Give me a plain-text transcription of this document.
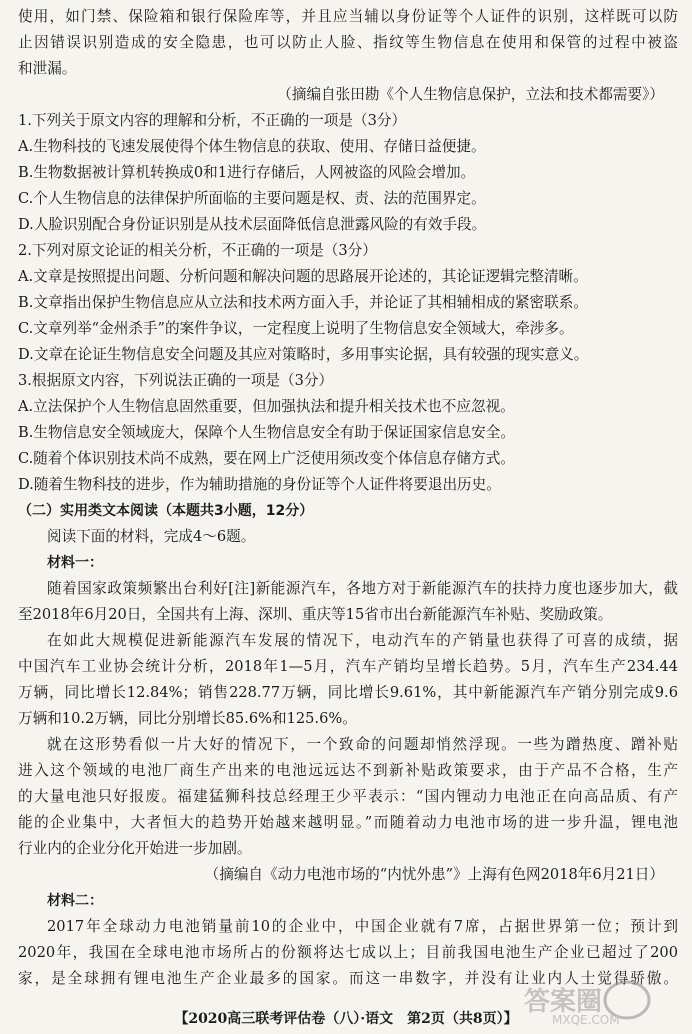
使用，如门禁、保险箱和银行保险库等，并且应当辅以身份证等个人证件的识别，这样既可以防
止因错误识别造成的安全隐患，也可以防止人脸、指纹等生物信息在使用和保管的过程中被盗
和泄漏。
（摘编自张田勘《个人生物信息保护，立法和技术都需要》）
1.下列关于原文内容的理解和分析，不正确的一项是（3分）
A.生物科技的飞速发展使得个体生物信息的获取、使用、存储日益便捷。
B.生物数据被计算机转换成0和1进行存储后，人网被盗的风险会增加。
C.个人生物信息的法律保护所面临的主要问题是权、责、法的范围界定。
D.人脸识别配合身份证识别是从技术层面降低信息泄露风险的有效手段。
2.下列对原文论证的相关分析，不正确的一项是（3分）
A.文章是按照提出问题、分析问题和解决问题的思路展开论述的，其论证逻辑完整清晰。
B.文章指出保护生物信息应从立法和技术两方面入手，并论证了其相辅相成的紧密联系。
C.文章列举“金州杀手”的案件争议，一定程度上说明了生物信息安全领域大，牵涉多。
D.文章在论证生物信息安全问题及其应对策略时，多用事实论据，具有较强的现实意义。
3.根据原文内容，下列说法正确的一项是（3分）
A.立法保护个人生物信息固然重要，但加强执法和提升相关技术也不应忽视。
B.生物信息安全领域庞大，保障个人生物信息安全有助于保证国家信息安全。
C.随着个体识别技术尚不成熟，要在网上广泛使用须改变个体信息存储方式。
D.随着生物科技的进步，作为辅助措施的身份证等个人证件将要退出历史。
（二）实用类文本阅读（本题共3小题，12分）
阅读下面的材料，完成4～6题。
材料一：
随着国家政策频繁出台利好[注]新能源汽车，各地方对于新能源汽车的扶持力度也逐步加大，截
至2018年6月20日，全国共有上海、深圳、重庆等15省市出台新能源汽车补贴、奖励政策。
在如此大规模促进新能源汽车发展的情况下，电动汽车的产销量也获得了可喜的成绩，据
中国汽车工业协会统计分析，2018年1—5月，汽车产销均呈增长趋势。5月，汽车生产234.44
万辆，同比增长12.84%；销售228.77万辆，同比增长9.61%，其中新能源汽车产销分别完成9.6
万辆和10.2万辆，同比分别增长85.6%和125.6%。
就在这形势看似一片大好的情况下，一个致命的问题却悄然浮现。一些为蹭热度、蹭补贴
进入这个领域的电池厂商生产出来的电池远远达不到新补贴政策要求，由于产品不合格，生产
的大量电池只好报废。福建猛狮科技总经理王少平表示：“国内锂动力电池正在向高品质、有产
能的企业集中，大者恒大的趋势开始越来越明显。”而随着动力电池市场的进一步升温，锂电池
行业内的企业分化开始进一步加剧。
（摘编自《动力电池市场的“内忧外患”》上海有色网2018年6月21日）
材料二：
2017年全球动力电池销量前10的企业中，中国企业就有7席，占据世界第一位；预计到
2020年，我国在全球电池市场所占的份额将达七成以上；目前我国电池生产企业已超过了200
家，是全球拥有锂电池生产企业最多的国家。而这一串数字，并没有让业内人士觉得骄傲。
【2020高三联考评估卷（八）·语文　第2页（共8页）】
答案圈
MXQE.COM
